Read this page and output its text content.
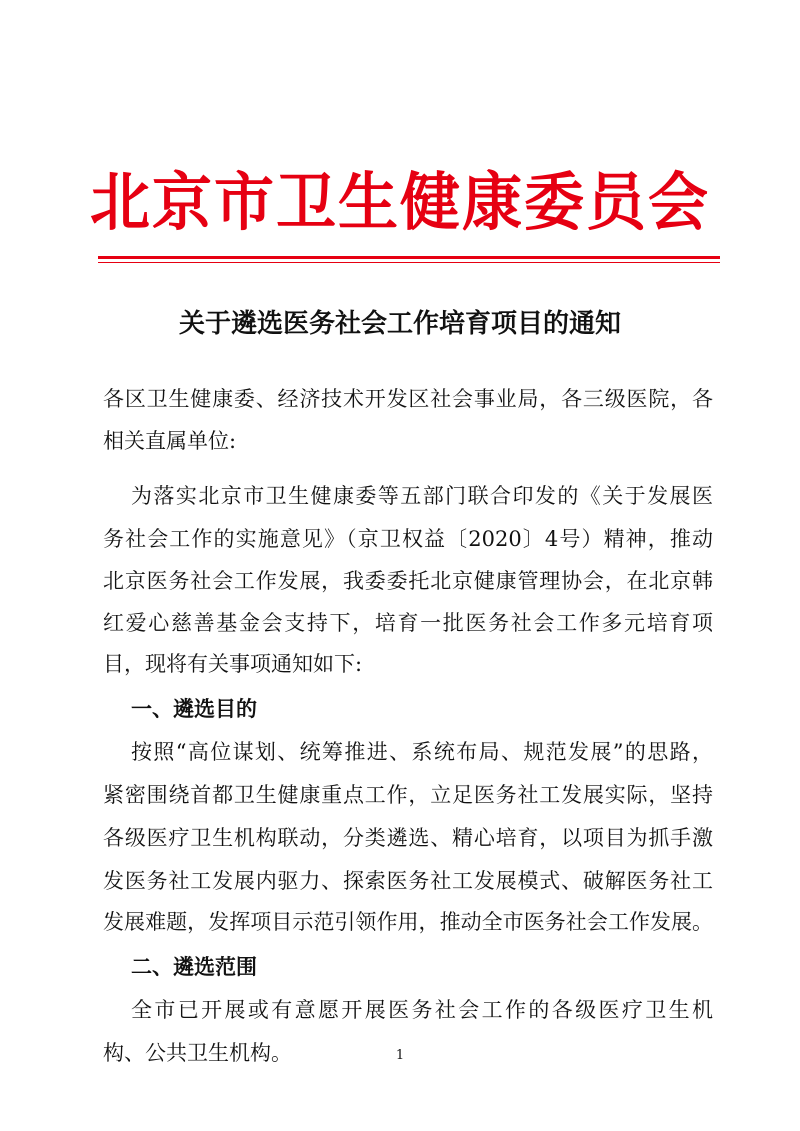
北京市卫生健康委员会
关于遴选医务社会工作培育项目的通知
各区卫生健康委、经济技术开发区社会事业局，各三级医院，各
相关直属单位:
为落实北京市卫生健康委等五部门联合印发的《关于发展医
务社会工作的实施意见》（京卫权益〔2020〕4号）精神，推动
北京医务社会工作发展，我委委托北京健康管理协会，在北京韩
红爱心慈善基金会支持下，培育一批医务社会工作多元培育项
目，现将有关事项通知如下:
一、遴选目的
按照“高位谋划、统筹推进、系统布局、规范发展”的思路，
紧密围绕首都卫生健康重点工作，立足医务社工发展实际，坚持
各级医疗卫生机构联动，分类遴选、精心培育，以项目为抓手激
发医务社工发展内驱力、探索医务社工发展模式、破解医务社工
发展难题，发挥项目示范引领作用，推动全市医务社会工作发展。
二、遴选范围
全市已开展或有意愿开展医务社会工作的各级医疗卫生机
构、公共卫生机构。	1
